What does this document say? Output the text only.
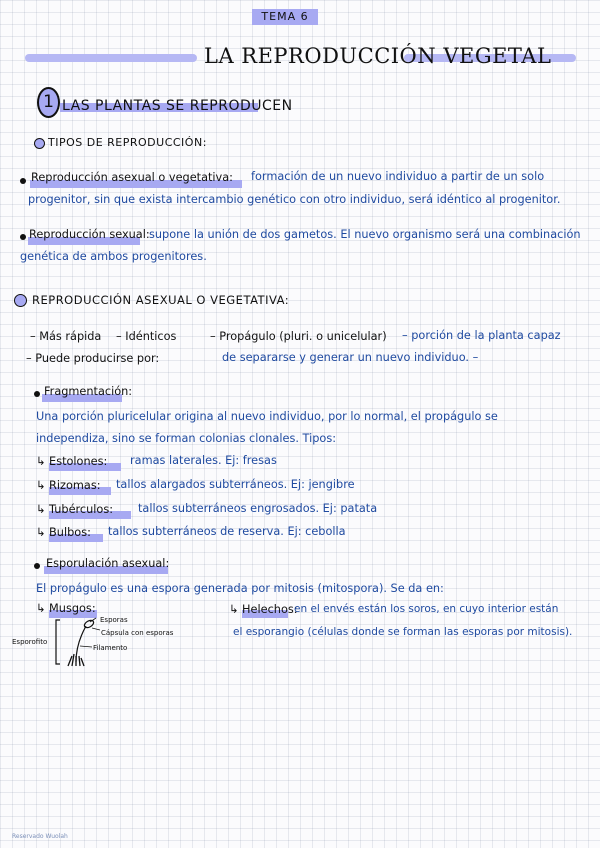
TEMA 6
LA REPRODUCCIÓN VEGETAL
1 LAS PLANTAS SE REPRODUCEN
TIPOS DE REPRODUCCIÓN:
Reproducción asexual o vegetativa: formación de un nuevo individuo a partir de un solo
progenitor, sin que exista intercambio genético con otro individuo, será idéntico al progenitor.
Reproducción sexual: supone la unión de dos gametos. El nuevo organismo será una combinación
genética de ambos progenitores.
REPRODUCCIÓN ASEXUAL O VEGETATIVA:
– Más rápida – Idénticos
– Puede producirse por:
– Propágulo (pluri. o unicelular) – porción de la planta capaz
de separarse y generar un nuevo individuo. –
Fragmentación:
Una porción pluricelular origina al nuevo individuo, por lo normal, el propágulo se
independiza, sino se forman colonias clonales. Tipos:
↳ Estolones: ramas laterales. Ej: fresas
↳ Rizomas: tallos alargados subterráneos. Ej: jengibre
↳ Tubérculos: tallos subterráneos engrosados. Ej: patata
↳ Bulbos: tallos subterráneos de reserva. Ej: cebolla
Esporulación asexual:
El propágulo es una espora generada por mitosis (mitospora). Se da en:
↳ Musgos:	↳ Helechos:
en el envés están los soros, en cuyo interior están
el esporangio (células donde se forman las esporas por mitosis).
Esporofito
Esporas
Cápsula con esporas
Filamento
Reservado Wuolah
